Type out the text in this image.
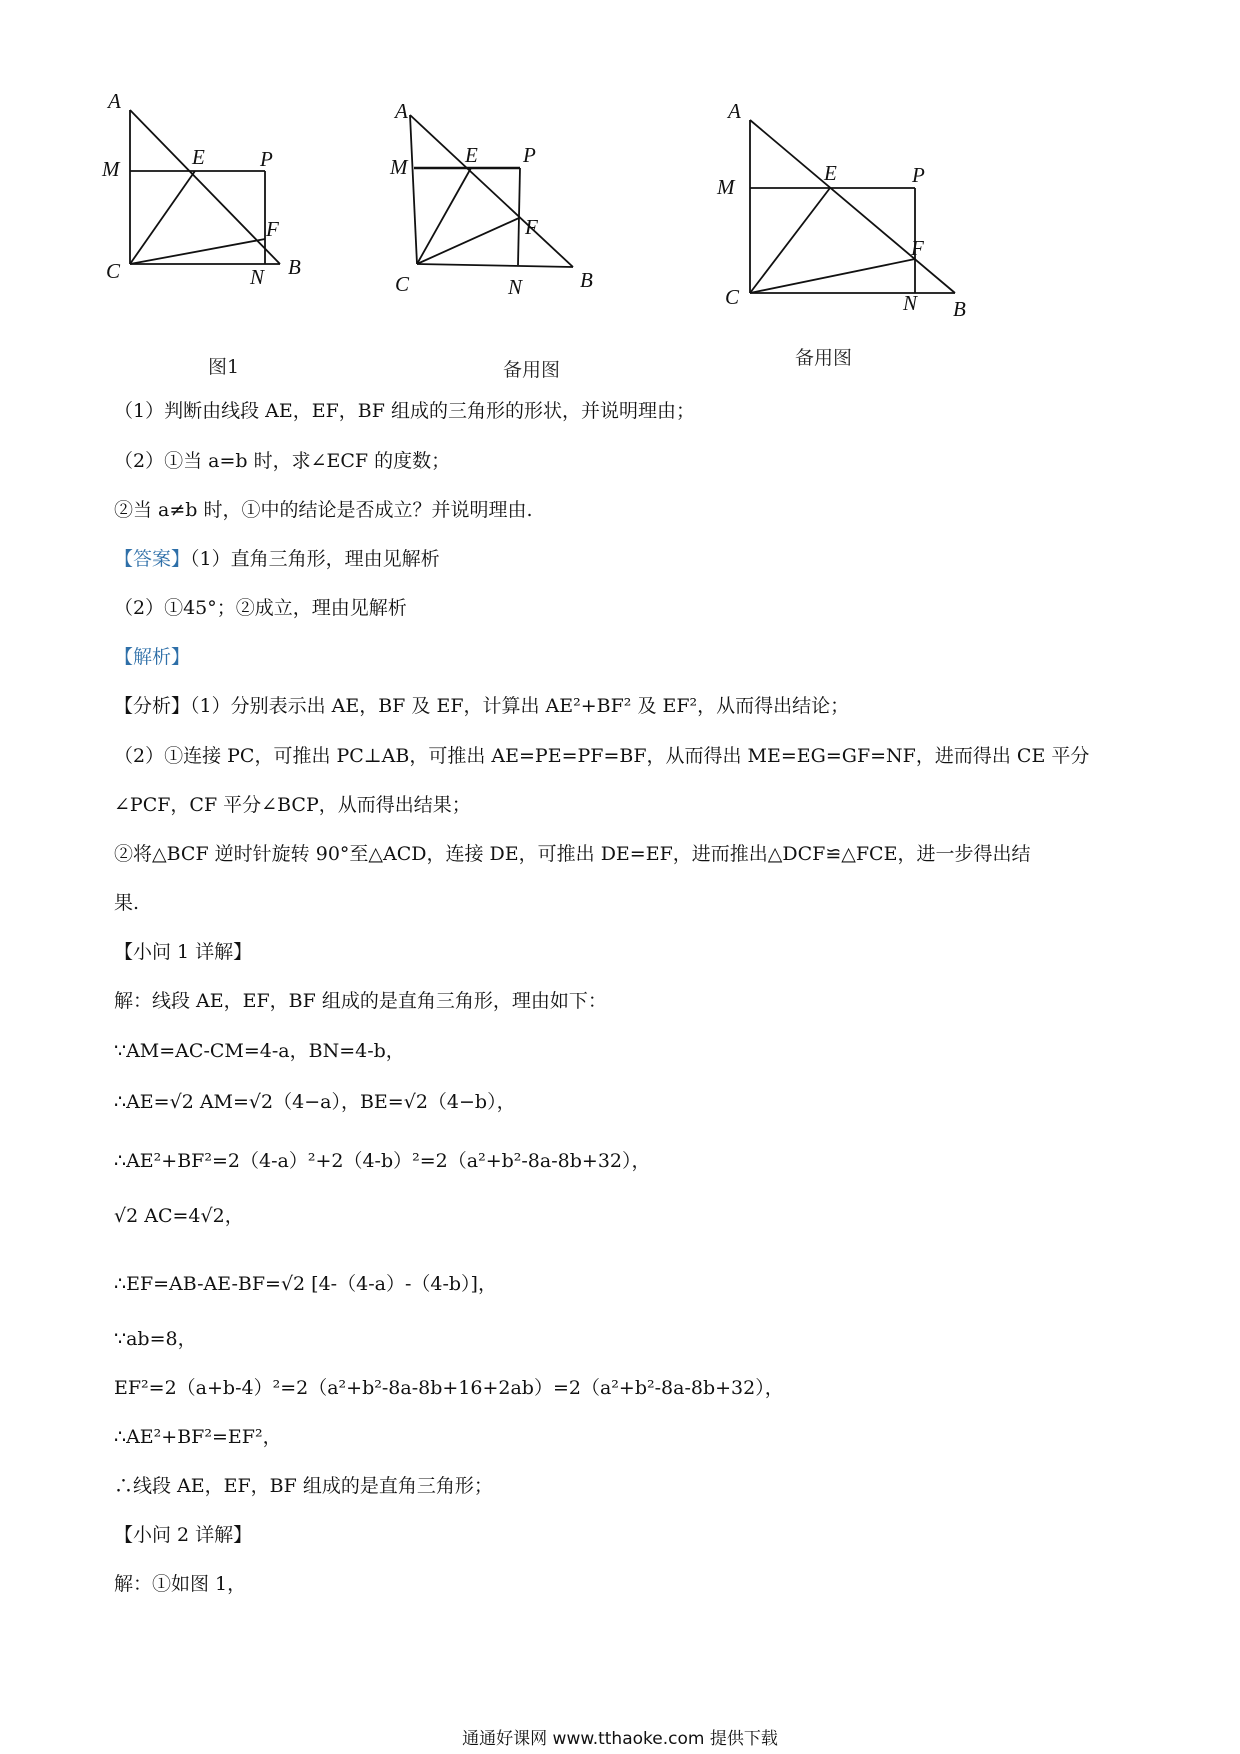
A
M	E	P
F
C	N B
图1
A
M	E P
F
C	N	B
备用图
A
M
E	P
F
C	N B
备用图
（1）判断由线段 AE，EF，BF 组成的三角形的形状，并说明理由；
（2）①当 a=b 时，求∠ECF 的度数；
②当 a≠b 时，①中的结论是否成立？并说明理由.
【答案】（1）直角三角形，理由见解析
（2）①45°；②成立，理由见解析
【解析】
【分析】（1）分别表示出 AE，BF 及 EF，计算出 AE²+BF² 及 EF²，从而得出结论；
（2）①连接 PC，可推出 PC⊥AB，可推出 AE=PE=PF=BF，从而得出 ME=EG=GF=NF，进而得出 CE 平分
∠PCF，CF 平分∠BCP，从而得出结果；
②将△BCF 逆时针旋转 90°至△ACD，连接 DE，可推出 DE=EF，进而推出△DCF≌△FCE，进一步得出结
果.
【小问 1 详解】
解：线段 AE，EF，BF 组成的是直角三角形，理由如下：
∵AM=AC-CM=4-a，BN=4-b，
∴AE=√2 AM=√2（4−a），BE=√2（4−b），
∴AE²+BF²=2（4-a）²+2（4-b）²=2（a²+b²-8a-8b+32），
√2 AC=4√2，
∴EF=AB-AE-BF=√2 [4-（4-a）-（4-b）]，
∵ab=8，
EF²=2（a+b-4）²=2（a²+b²-8a-8b+16+2ab）=2（a²+b²-8a-8b+32），
∴AE²+BF²=EF²，
∴线段 AE，EF，BF 组成的是直角三角形；
【小问 2 详解】
解：①如图 1，
通通好课网 www.tthaoke.com 提供下载
